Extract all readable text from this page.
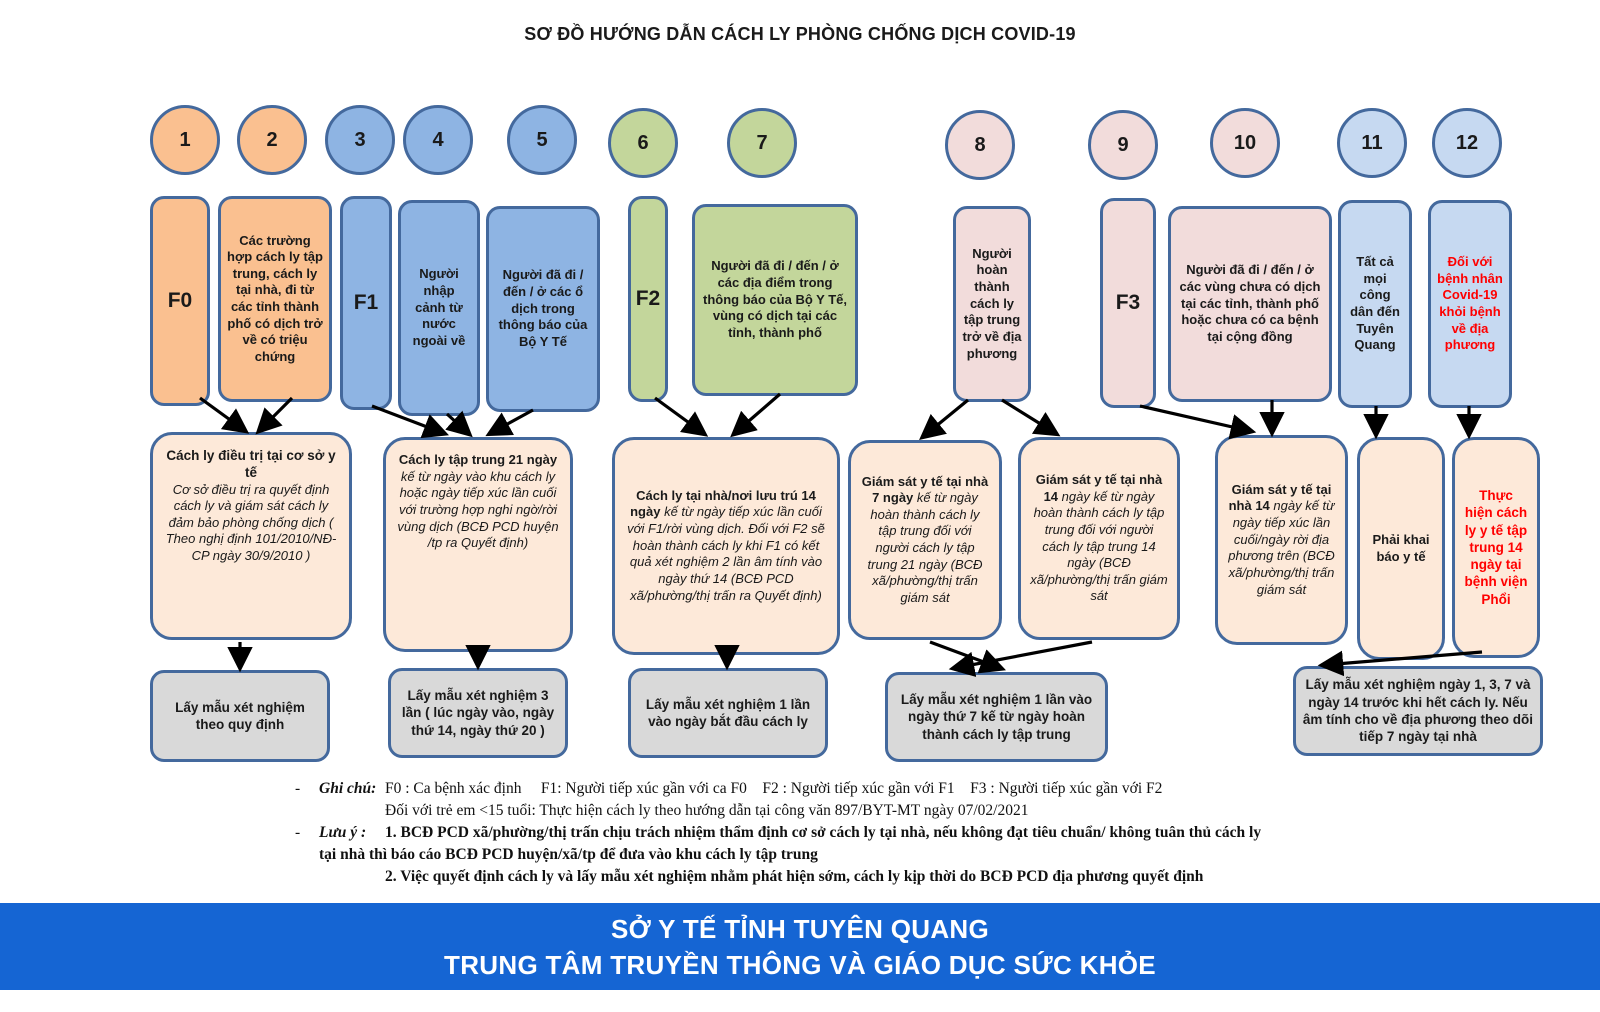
SƠ ĐỒ HƯỚNG DẪN CÁCH LY PHÒNG CHỐNG DỊCH COVID-19
1	2	3	4	5	6	7	8	9	10	11	12
F0
Các trường hợp cách ly tập trung, cách ly tại nhà, đi từ các tỉnh thành phố có dịch trở về có triệu chứng
F1
Người nhập cảnh từ nước ngoài về
Người đã đi / đến / ở các ổ dịch trong thông báo của Bộ Y Tế
F2
Người đã đi / đến / ở các địa điểm trong thông báo của Bộ Y Tế, vùng có dịch tại các tỉnh, thành phố
Người hoàn thành cách ly tập trung trở về địa phương
F3
Người đã đi / đến / ở các vùng chưa có dịch tại các tỉnh, thành phố hoặc chưa có ca bệnh tại cộng đồng
Tất cả mọi công dân đến Tuyên Quang
Đối với bệnh nhân Covid-19 khỏi bệnh về địa phương
Cách ly điều trị tại cơ sở y tế
Cơ sở điều trị ra quyết định cách ly và giám sát cách ly đảm bảo phòng chống dịch ( Theo nghị định 101/2010/NĐ-CP ngày 30/9/2010 )
Cách ly tập trung 21 ngày kế từ ngày vào khu cách ly hoặc ngày tiếp xúc lần cuối với trường hợp nghi ngờ/rời vùng dịch (BCĐ PCD huyện /tp ra Quyết định)
Cách ly tại nhà/nơi lưu trú 14 ngày kế từ ngày tiếp xúc lần cuối với F1/rời vùng dịch. Đối với F2 sẽ hoàn thành cách ly khi F1 có kết quả xét nghiệm 2 lần âm tính vào ngày thứ 14 (BCĐ PCD xã/phường/thị trấn ra Quyết định)
Giám sát y tế tại nhà 7 ngày kế từ ngày hoàn thành cách ly tập trung đối với người cách ly tập trung 21 ngày (BCĐ xã/phường/thị trấn giám sát
Giám sát y tế tại nhà 14 ngày kế từ ngày hoàn thành cách ly tập trung đối với người cách ly tập trung 14 ngày (BCĐ xã/phường/thị trấn giám sát
Giám sát y tế tại nhà 14 ngày kế từ ngày tiếp xúc lần cuối/ngày rời địa phương trên (BCĐ xã/phường/thị trấn giám sát
Phải khai báo y tế
Thực hiện cách ly y tế tập trung 14 ngày tại bệnh viện Phổi
Lấy mẫu xét nghiệm theo quy định
Lấy mẫu xét nghiệm 3 lần ( lúc ngày vào, ngày thứ 14, ngày thứ 20 )
Lấy mẫu xét nghiệm 1 lần vào ngày bắt đầu cách ly
Lấy mẫu xét nghiệm 1 lần vào ngày thứ 7 kế từ ngày hoàn thành cách ly tập trung
Lấy mẫu xét nghiệm ngày 1, 3, 7 và ngày 14 trước khi hết cách ly. Nếu âm tính cho về địa phương theo dõi tiếp 7 ngày tại nhà
-	Ghi chú: F0 : Ca bệnh xác định     F1: Người tiếp xúc gần với ca F0    F2 : Người tiếp xúc gần với F1    F3 : Người tiếp xúc gần với F2
Đối với trẻ em <15 tuổi: Thực hiện cách ly theo hướng dẫn tại công văn 897/BYT-MT ngày 07/02/2021
-	Lưu ý :	1. BCĐ PCD xã/phường/thị trấn chịu trách nhiệm thẩm định cơ sở cách ly tại nhà, nếu không đạt tiêu chuẩn/ không tuân thủ cách ly
tại nhà thì báo cáo BCĐ PCD huyện/xã/tp để đưa vào khu cách ly tập trung
2. Việc quyết định cách ly và lấy mẫu xét nghiệm nhằm phát hiện sớm, cách ly kịp thời do BCĐ PCD địa phương quyết định
SỞ Y TẾ TỈNH TUYÊN QUANG
TRUNG TÂM TRUYỀN THÔNG VÀ GIÁO DỤC SỨC KHỎE
